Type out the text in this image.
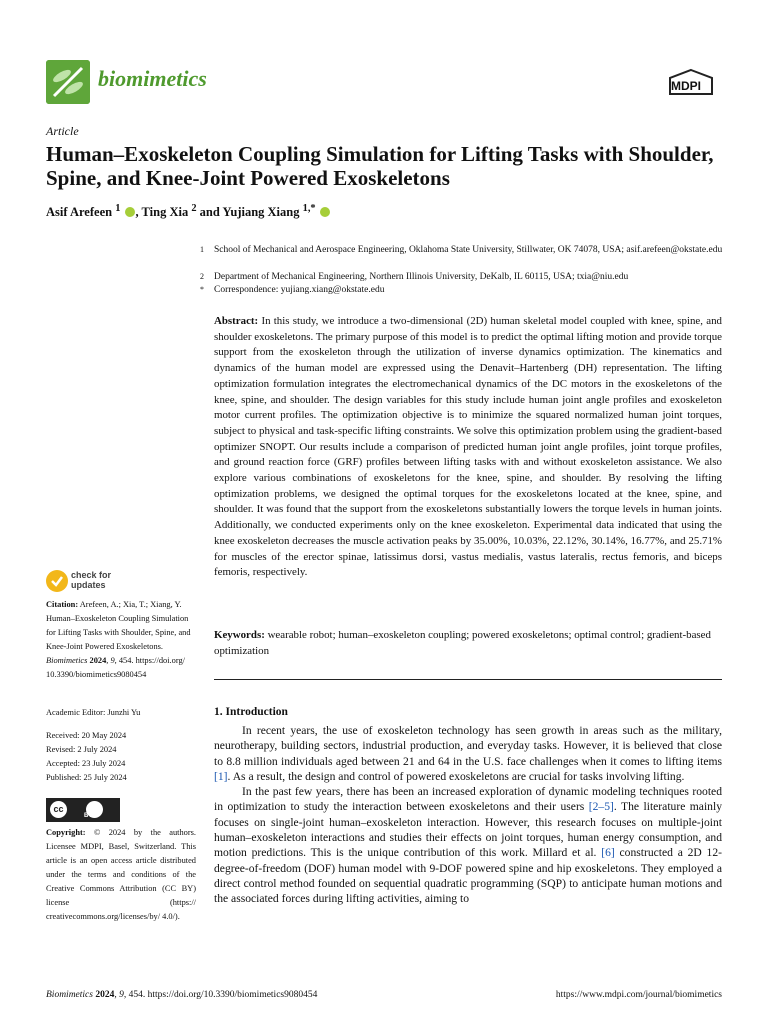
biomimetics	MDPI
Article
Human–Exoskeleton Coupling Simulation for Lifting Tasks with Shoulder, Spine, and Knee-Joint Powered Exoskeletons
Asif Arefeen $^1$ , Ting Xia $^2$ and Yujiang Xiang $^{1,*}$
1 School of Mechanical and Aerospace Engineering, Oklahoma State University, Stillwater, OK 74078, USA; asif.arefeen@okstate.edu
2 Department of Mechanical Engineering, Northern Illinois University, DeKalb, IL 60115, USA; txia@niu.edu
* Correspondence: yujiang.xiang@okstate.edu
Abstract: In this study, we introduce a two-dimensional (2D) human skeletal model coupled with knee, spine, and shoulder exoskeletons. The primary purpose of this model is to predict the optimal lifting motion and provide torque support from the exoskeleton through the utilization of inverse dynamics optimization. The kinematics and dynamics of the human model are expressed using the Denavit–Hartenberg (DH) representation. The lifting optimization formulation integrates the electromechanical dynamics of the DC motors in the exoskeletons of the knee, spine, and shoulder. The design variables for this study include human joint angle profiles and exoskeleton motor current profiles. The optimization objective is to minimize the squared normalized human joint torques, subject to physical and task-specific lifting constraints. We solve this optimization problem using the gradient-based optimizer SNOPT. Our results include a comparison of predicted human joint angle profiles, joint torque profiles, and ground reaction force (GRF) profiles between lifting tasks with and without exoskeleton assistance. We also explore various combinations of exoskeletons for the knee, spine, and shoulder. By resolving the lifting optimization problems, we designed the optimal torques for the exoskeletons located at the knee, spine, and shoulder. It was found that the support from the exoskeletons substantially lowers the torque levels in human joints. Additionally, we conducted experiments only on the knee exoskeleton. Experimental data indicated that using the knee exoskeleton decreases the muscle activation peaks by 35.00%, 10.03%, 22.12%, 30.14%, 16.77%, and 25.71% for muscles of the erector spinae, latissimus dorsi, vastus medialis, vastus lateralis, rectus femoris, and biceps femoris, respectively.
Keywords: wearable robot; human–exoskeleton coupling; powered exoskeletons; optimal control; gradient-based optimization
1. Introduction

In recent years, the use of exoskeleton technology has seen growth in areas such as the military, neurotherapy, building sectors, industrial production, and everyday tasks. However, it is believed that close to 8.8 million individuals aged between 21 and 64 in the U.S. face challenges when it comes to lifting items [1]. As a result, the design and control of powered exoskeletons are crucial for tasks involving lifting.

In the past few years, there has been an increased exploration of dynamic modeling techniques rooted in optimization to study the interaction between exoskeletons and their users [2–5]. The literature mainly focuses on single-joint human–exoskeleton interaction. However, this research focuses on multiple-joint human–exoskeleton interactions and studies their effects on joint torques, human energy consumption, and motion predictions. This is the unique contribution of this work. Millard et al. [6] constructed a 2D 12-degree-of-freedom (DOF) human model with 9-DOF powered spine and hip exoskeletons. They employed a direct control method founded on sequential quadratic programming (SQP) to anticipate human motions and the associated forces during lifting activities, aiming to

check for
updates
Citation: Arefeen, A.; Xia, T.; Xiang, Y. Human–Exoskeleton Coupling Simulation for Lifting Tasks with Shoulder, Spine, and Knee-Joint Powered Exoskeletons. Biomimetics 2024, 9, 454. https://doi.org/ 10.3390/biomimetics9080454
Academic Editor: Junzhi Yu
Received: 20 May 2024
Revised: 2 July 2024
Accepted: 23 July 2024
Published: 25 July 2024
cc
BY
Copyright: © 2024 by the authors. Licensee MDPI, Basel, Switzerland. This article is an open access article distributed under the terms and conditions of the Creative Commons Attribution (CC BY) license (https:// creativecommons.org/licenses/by/ 4.0/).
Biomimetics 2024, 9, 454. https://doi.org/10.3390/biomimetics9080454	https://www.mdpi.com/journal/biomimetics
